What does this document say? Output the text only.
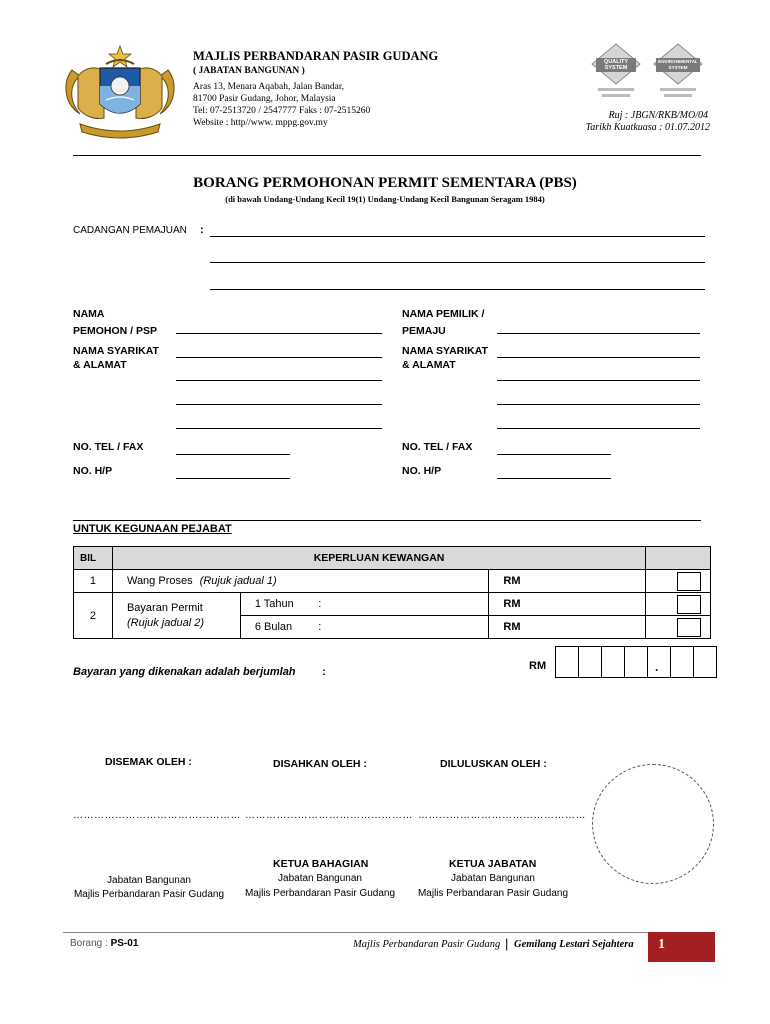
MAJLIS PERBANDARAN PASIR GUDANG
( JABATAN BANGUNAN )
Aras 13, Menara Aqabah, Jalan Bandar,
81700 Pasir Gudang, Johor, Malaysia
Tel: 07-2513720 / 2547777 Faks : 07-2515260
Website : http//www. mppg.gov.my
QUALITY
SYSTEM
ENVIRONMENTAL
SYSTEM
Ruj : JBGN/RKB/MO/04
Tarikh Kuatkuasa : 01.07.2012
BORANG PERMOHONAN PERMIT SEMENTARA (PBS)
(di bawah Undang-Undang Kecil 19(1) Undang-Undang Kecil Bangunan Seragam 1984)
CADANGAN PEMAJUAN :
NAMA
PEMOHON / PSP
NAMA SYARIKAT
& ALAMAT
NO. TEL / FAX
NO. H/P
NAMA PEMILIK /
PEMAJU
NAMA SYARIKAT
& ALAMAT
NO. TEL / FAX
NO. H/P
UNTUK KEGUNAAN PEJABAT
BIL	KEPERLUAN KEWANGAN				
1	Wang Proses (Rujuk jadual 1)			RM	
2	Bayaran Permit
(Rujuk jadual 2)	1 Tahun	:	RM	
		6 Bulan	:	RM	
Bayaran yang dikenakan adalah berjumlah :	RM	.
DISEMAK OLEH :	DISAHKAN OLEH :	DILULUSKAN OLEH :
………………………………………… ………………………………………… …………………………………………
KETUA BAHAGIAN	KETUA JABATAN
Jabatan Bangunan
Majlis Perbandaran Pasir Gudang
Jabatan Bangunan
Majlis Perbandaran Pasir Gudang
Jabatan Bangunan
Majlis Perbandaran Pasir Gudang
Borang : PS-01	Majlis Perbandaran Pasir Gudang | Gemilang Lestari Sejahtera 1
